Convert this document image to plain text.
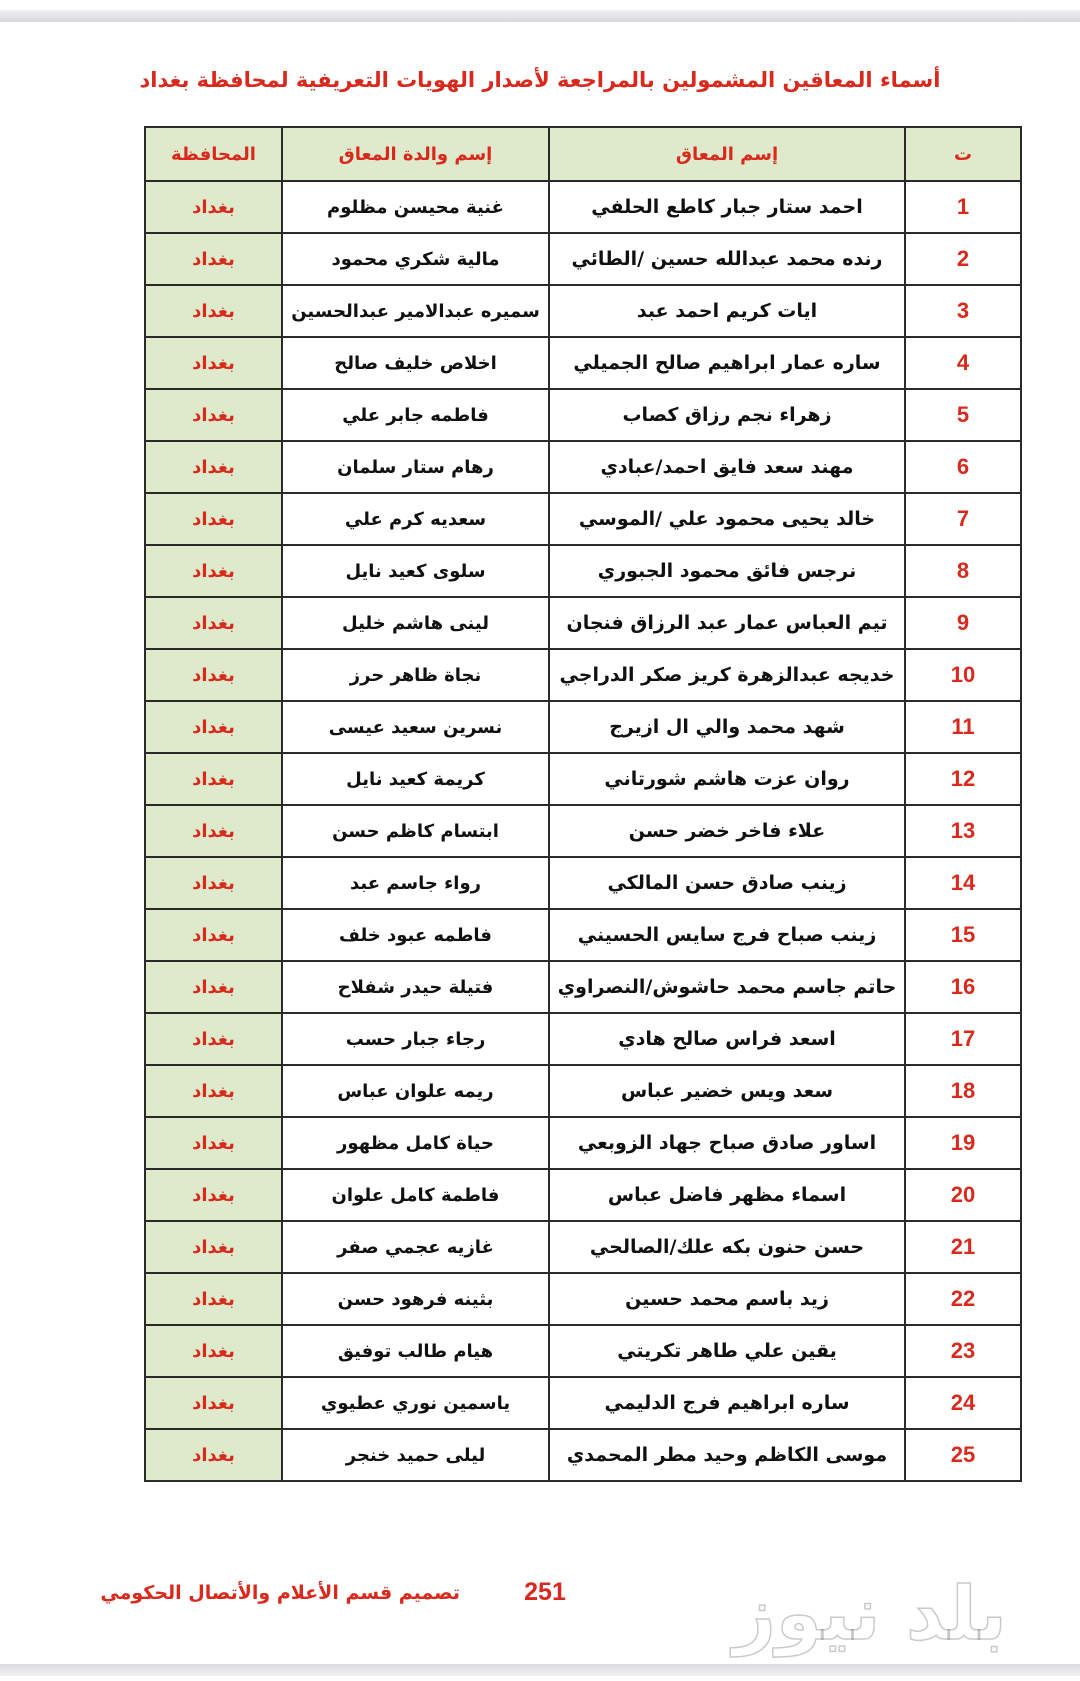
أسماء المعاقين المشمولين بالمراجعة لأصدار الهويات التعريفية لمحافظة بغداد
ت	إسم المعاق	إسم والدة المعاق	المحافظة
1	احمد ستار جبار كاطع الحلفي	غنية محيسن مظلوم	بغداد
2	رنده محمد عبدالله حسين /الطائي	مالية شكري محمود	بغداد
3	ايات كريم احمد عبد	سميره عبدالامير عبدالحسين	بغداد
4	ساره عمار ابراهيم صالح الجميلي	اخلاص خليف صالح	بغداد
5	زهراء نجم رزاق كصاب	فاطمه جابر علي	بغداد
6	مهند سعد فايق احمد/عبادي	رهام ستار سلمان	بغداد
7	خالد يحيى محمود علي /الموسي	سعديه كرم علي	بغداد
8	نرجس فائق محمود الجبوري	سلوى كعيد نايل	بغداد
9	تيم العباس عمار عبد الرزاق فنجان	لينى هاشم خليل	بغداد
10	خديجه عبدالزهرة كريز صكر الدراجي	نجاة ظاهر حرز	بغداد
11	شهد محمد والي ال ازيرج	نسرين سعيد عيسى	بغداد
12	روان عزت هاشم شورتاني	كريمة كعيد نايل	بغداد
13	علاء فاخر خضر حسن	ابتسام كاظم حسن	بغداد
14	زينب صادق حسن المالكي	رواء جاسم عبد	بغداد
15	زينب صباح فرج سايس الحسيني	فاطمه عبود خلف	بغداد
16	حاتم جاسم محمد حاشوش/النصراوي	فتيلة حيدر شفلاح	بغداد
17	اسعد فراس صالح هادي	رجاء جبار حسب	بغداد
18	سعد ويس خضير عباس	ريمه علوان عباس	بغداد
19	اساور صادق صباح جهاد الزوبعي	حياة كامل مظهور	بغداد
20	اسماء مظهر فاضل عباس	فاطمة كامل علوان	بغداد
21	حسن حنون بكه علك/الصالحي	غازيه عجمي صفر	بغداد
22	زيد باسم محمد حسين	بثينه فرهود حسن	بغداد
23	يقين علي طاهر تكريتي	هيام طالب توفيق	بغداد
24	ساره ابراهيم فرج الدليمي	ياسمين نوري عطيوي	بغداد
25	موسى الكاظم وحيد مطر المحمدي	ليلى حميد خنجر	بغداد
تصميم قسم الأعلام والأتصال الحكومي	251	بلد نيوز
